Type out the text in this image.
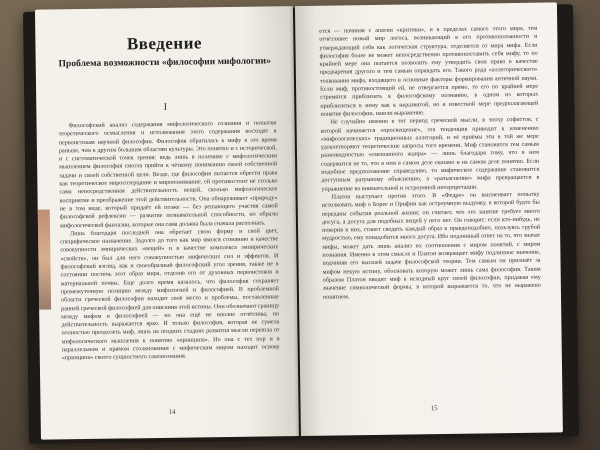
Введение
Проблема возможности «философии мифологии»
I

Философский анализ содержания мифологического сознания и попытки теоретического осмысления и истолкования этого содержания восходят к первоистокам научной философии. Философия обратилась к мифу в это время раньше, чем к другим большим областям культуры. Это понятно и с исторической, и с систематической точек зрения: ведь лишь в полемике с мифологическим мышлением философия смогла прийти к чёткому пониманию своей собственной задачи и своей собственной цели. Везде, где философия пытается обрести права как теоретическое миросозерцание и миропонимание, ей противостоит не столько сама непосредственная действительность вещей, сколько мифологическое восприятие и преображение этой действительности. Она обнаруживает «природу» не в том виде, который придаёт ей позже — без решающего участия самой философской рефлексии — развитие познавательной способности, но образы мифологической фантазии, которые она сама должна была сначала распознать.

Лишь благодаря последней она обретает свою форму и свой цвет, специфическое назначение. Задолго до того как мир явился сознанию в качестве совокупности эмпирических «вещей» и в качестве комплекса эмпирических «свойств», он был для него совокупностью мифических сил и эффектов. И философский взгляд, как и своеобразный философский угол зрения, также не в состоянии постичь этот образ мира, отделив его от духовных первоистоков и материальной почвы. Еще долго время казалось, что философия сохраняет промежуточную позицию между мифологией и философией. В проблемной области греческой философии находят своё место и проблемы, поставленные ранней греческой философией для описания этой истины. Они обозначают границу между мифом и философией — но она ещё не вполне отчётлива, но действительность выражается ярко. И только философия, которая не сумела полностью преодолеть миф, лишь на поздних стадиях развития мысли перешла от мифологического мышления к понятию «принципа». Но она с тех пор и в параллельном и прямом столкновении с мифическим миром находит основу «принципа» своего сущностного самопознания.

14

ется — начиная с апатии «критики», и в пределах самого этого мира, тем отчётливее новый мир логоса, возникающий в его противоположности и утверждающий себя как логическая структура, отделяется от мира мифа. Если философия более не может непосредственно противопоставить себя мифу, то по крайней мере она пытается позволить ему утвердить свои права в качестве предварения другого и тем самым оправдать его. Такого рода «аллегорического» толкования мифа, входящего в основные факторы формирования античной науки. Если миф, противостоящий ей, не отвергается прямо, то его по крайней мере стремятся приблизить к философскому познанию, в одном из которых приблизиться к нему как к неразвитой, но в известной мере предполагающей понятие философии, нашли выражение.

Не случайно именно в тот период греческой мысли, в эпоху софистов, с которой начинается «просвещение», эта тенденция приводит к изменению «мифологических» традиционных аллегорий, и её приёмы эти в той же мере удовлетворяют теоретические запросы того времени. Миф становится тем самым разновидностью «смешанного жанра» — лишь благодаря тому, что в нем содержится не то, что в нем в самом деле сказано и на самом деле понятно. Если подобное предположение справедливо, то мифическое содержание становится доступным разумному объяснению, а «разъяснение» мифа превращается в упражнение во внимательной и остроумной интерпретации.

Платон выступает против этого. В «Федре» он высмеивает попытку истолковать миф о Борее и Орифии как остроумную выдумку, в которой будто бы переданы события реальной жизни; он считает, что это занятие требует много досуга, а досуга для подобных вещей у него нет. Он говорит: если кто-нибудь, не поверив в них, станет сводить каждый образ к правдоподобию, пользуясь грубой мудростью, ему понадобится много досуга. Ибо подлинный ответ на то, что значат мифы, может дать лишь анализ их соотношения с миром понятий, с миром познания. Именно в этом смысле и Платон возвращает мифу подлинное значение, подчиняя его высшей задаче философской теории. Тем самым он признаёт за мифом некую истину, обосновать которую может лишь сама философия. Таким образом Платон вводит миф в исходный круг своей философии, придавая ему значение символической формы, в которой выражается то, что не выражено понятием.

15
